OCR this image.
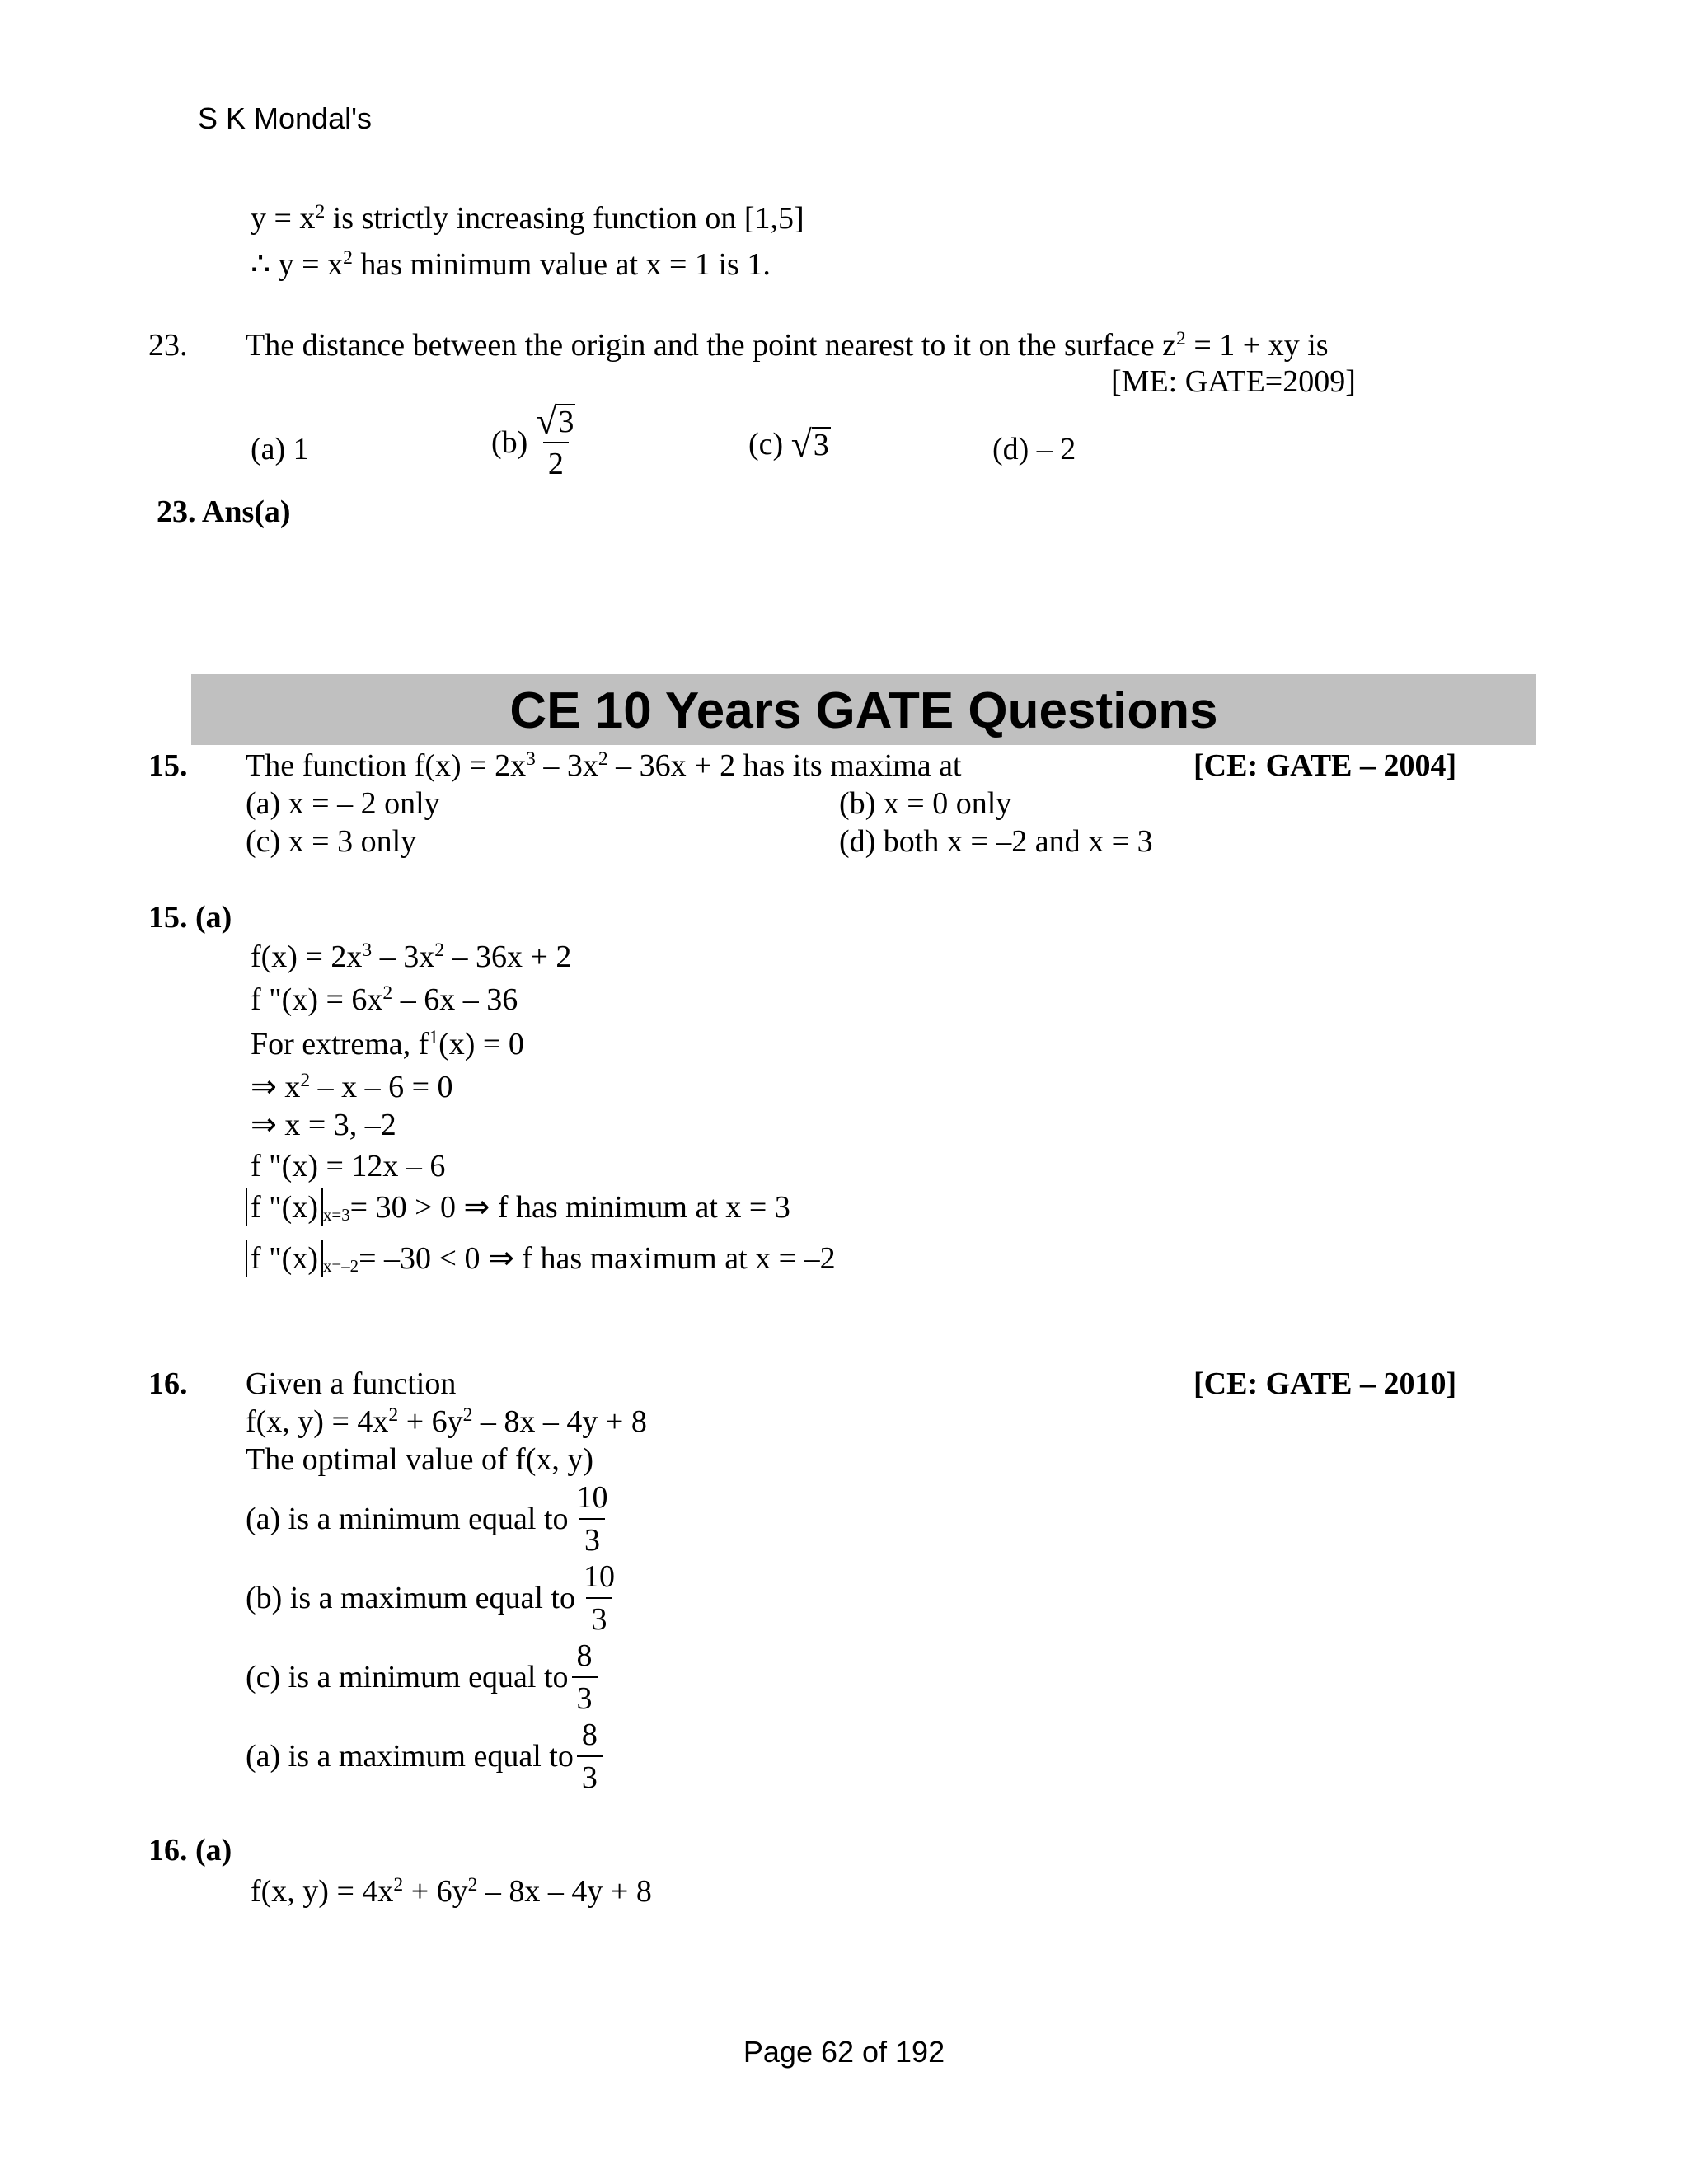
S K Mondal's
$y = x^2$ is strictly increasing function on [1,5]
∴ $y = x^2$ has minimum value at x = 1 is 1.
23. The distance between the origin and the point nearest to it on the surface $z^2 = 1$ + xy is
[ME: GATE=2009]
(a) 1	$(b) \frac{√ 3}{2}$	(c)
√ 3	(d) – 2
23. Ans(a)
CE 10 Years GATE Questions
15. The function $f(x) = 2x^3 - 3x^2 - 36x + 2$ has its maxima at	[CE: GATE – 2004]
(a) x = – 2 only	(b) x = 0 only
(c) x = 3 only	(d) both x = –2 and x = 3
15. (a)
$f(x) = 2x^3 - 3x^2 - 36x + 2$
f "$(x) = 6x^2 - 6x - 36$
For extrema, $f^1(x) = 0$
⇒ $x^2 - x - 6 = 0$
⇒ x = 3, –2
f "(x) = 12x – 6
f "(x) $_{x=3}$ = 30 > 0 ⇒ f has minimum at x = 3
f "(x) $_{x=-2}$ = –30 < 0 ⇒ f has maximum at x = –2
16. Given a function	[CE: GATE – 2010]
f(x, $y) = 4x^2 + 6y^2 - 8x - 4y + 8$
The optimal value of f(x, y)
(a) is a minimum equal to $\frac{10}{3}$
(b) is a maximum equal to $\frac{10}{3}$
(c) is a minimum equal to $\frac{8}{3}$
(a) is a maximum equal to $\frac{8}{3}$
16. (a)
f(x, $y) = 4x^2 + 6y^2 - 8x - 4y + 8$
Page 62 of 192
